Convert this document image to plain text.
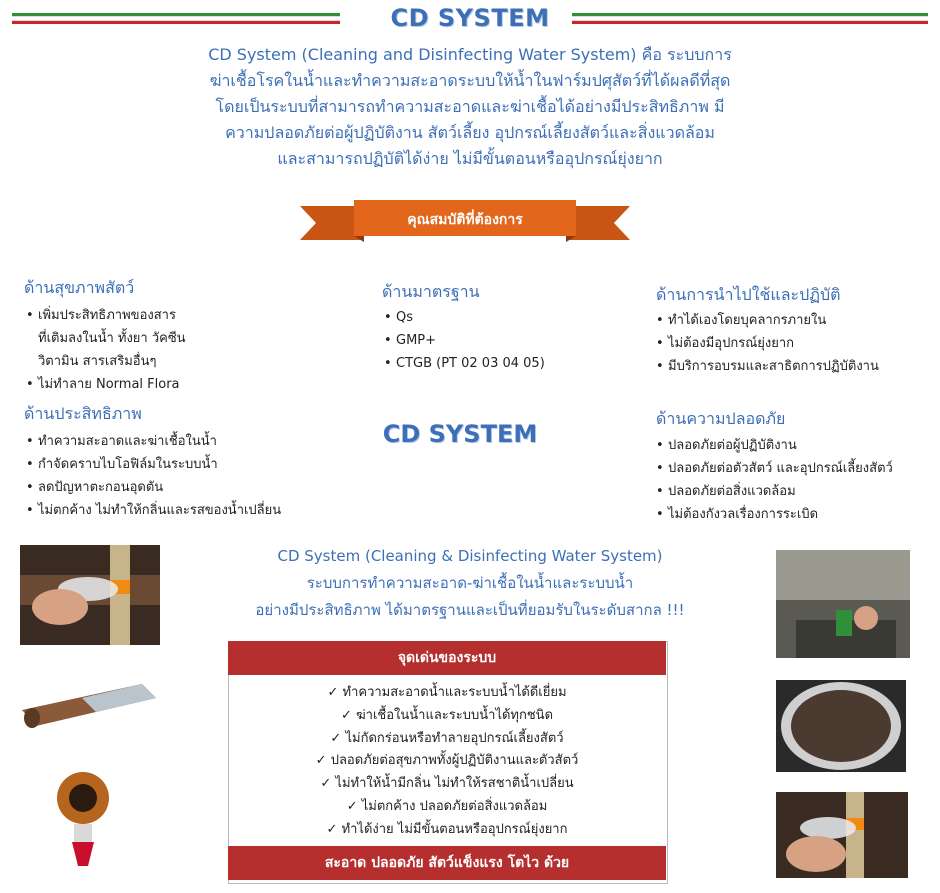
CD SYSTEM
CD System (Cleaning and Disinfecting Water System) คือ ระบบการ
ฆ่าเชื้อโรคในน้ำและทำความสะอาดระบบให้น้ำในฟาร์มปศุสัตว์ที่ได้ผลดีที่สุด
โดยเป็นระบบที่สามารถทำความสะอาดและฆ่าเชื้อได้อย่างมีประสิทธิภาพ มี
ความปลอดภัยต่อผู้ปฏิบัติงาน สัตว์เลี้ยง อุปกรณ์เลี้ยงสัตว์และสิ่งแวดล้อม
และสามารถปฏิบัติได้ง่าย ไม่มีขั้นตอนหรืออุปกรณ์ยุ่งยาก
คุณสมบัติที่ต้องการ
ด้านสุขภาพสัตว์
• เพิ่มประสิทธิภาพของสาร
ที่เติมลงในน้ำ ทั้งยา วัคซีน
วิตามิน สารเสริมอื่นๆ
• ไม่ทำลาย Normal Flora
ด้านประสิทธิภาพ
• ทำความสะอาดและฆ่าเชื้อในน้ำ
• กำจัดคราบไบโอฟิล์มในระบบน้ำ
• ลดปัญหาตะกอนอุดตัน
• ไม่ตกค้าง ไม่ทำให้กลิ่นและรสของน้ำเปลี่ยน
ด้านมาตรฐาน
• Qs
• GMP+
• CTGB (PT 02 03 04 05)
CD SYSTEM
ด้านการนำไปใช้และปฏิบัติ
• ทำได้เองโดยบุคลากรภายใน
• ไม่ต้องมีอุปกรณ์ยุ่งยาก
• มีบริการอบรมและสาธิตการปฏิบัติงาน
ด้านความปลอดภัย
• ปลอดภัยต่อผู้ปฏิบัติงาน
• ปลอดภัยต่อตัวสัตว์ และอุปกรณ์เลี้ยงสัตว์
• ปลอดภัยต่อสิ่งแวดล้อม
• ไม่ต้องกังวลเรื่องการระเบิด
CD System (Cleaning & Disinfecting Water System)
ระบบการทำความสะอาด-ฆ่าเชื้อในน้ำและระบบน้ำ
อย่างมีประสิทธิภาพ ได้มาตรฐานและเป็นที่ยอมรับในระดับสากล !!!
จุดเด่นของระบบ
✓ ทำความสะอาดน้ำและระบบน้ำได้ดีเยี่ยม
✓ ฆ่าเชื้อในน้ำและระบบน้ำได้ทุกชนิด
✓ ไม่กัดกร่อนหรือทำลายอุปกรณ์เลี้ยงสัตว์
✓ ปลอดภัยต่อสุขภาพทั้งผู้ปฏิบัติงานและตัวสัตว์
✓ ไม่ทำให้น้ำมีกลิ่น ไม่ทำให้รสชาติน้ำเปลี่ยน
✓ ไม่ตกค้าง ปลอดภัยต่อสิ่งแวดล้อม
✓ ทำได้ง่าย ไม่มีขั้นตอนหรืออุปกรณ์ยุ่งยาก
สะอาด ปลอดภัย สัตว์แข็งแรง โตไว ด้วย
